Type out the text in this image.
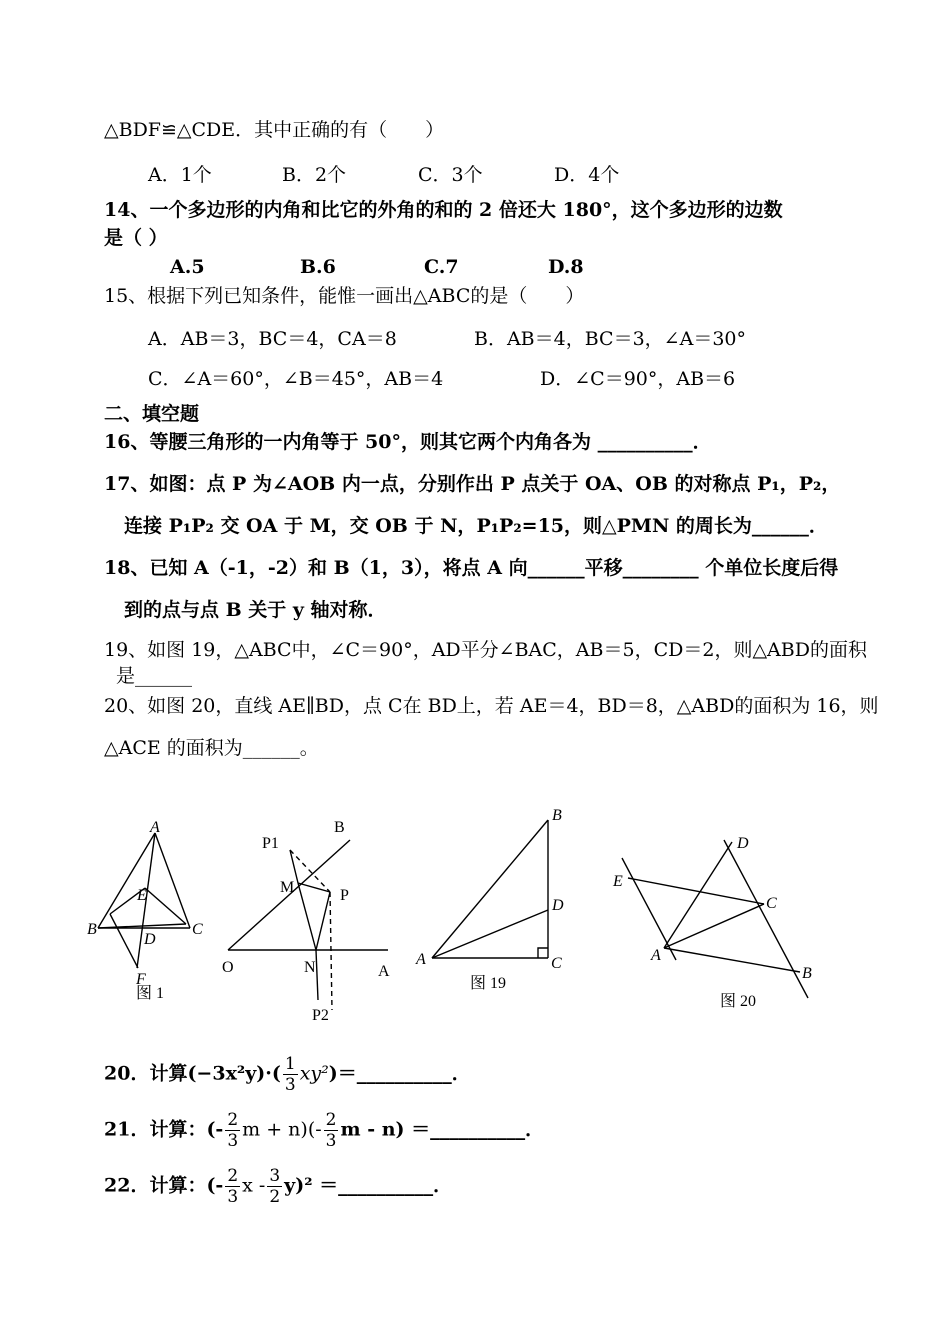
△BDF≌△CDE．其中正确的有（　　）
A．1个	B．2个	C．3个	D．4个
14、一个多边形的内角和比它的外角的和的 2 倍还大 180°，这个多边形的边数
是（ ）
A.5	B.6	C.7	D.8
15、根据下列已知条件，能惟一画出△ABC的是（　　）
A．AB＝3，BC＝4，CA＝8	B．AB＝4，BC＝3，∠A＝30°
C．∠A＝60°，∠B＝45°，AB＝4	D．∠C＝90°，AB＝6
二、填空题
16、等腰三角形的一内角等于 50°，则其它两个内角各为 __________．
17、如图：点 P 为∠AOB 内一点，分别作出 P 点关于 OA、OB 的对称点 P₁，P₂，
连接 P₁P₂ 交 OA 于 M，交 OB 于 N，P₁P₂=15，则△PMN 的周长为______．
18、已知 A（-1，-2）和 B（1，3），将点 A 向______平移________ 个单位长度后得
到的点与点 B 关于 y 轴对称．
19、如图 19，△ABC中，∠C＝90°，AD平分∠BAC，AB＝5，CD＝2，则△ABD的面积
是______
20、如图 20，直线 AE∥BD，点 C在 BD上，若 AE＝4，BD＝8，△ABD的面积为 16，则
△ACE 的面积为______。
A
E
B
D
C
F
图 1
P1
B
M	P
O	N	A
P2
B
D
A	C
图 19
D
E
C
A
B
图 20
20．计算$(-3x^2y)\cdot( \frac{1}{3}$ xy²)＝__________．
21．计算：(- $\frac{2}{3}$ $m + n)(- \frac{2}{3}$ m - n) ＝__________．
22．计算：(- $\frac{2}{3}$ x - $\frac{3}{2} y)^2$ ＝__________．
